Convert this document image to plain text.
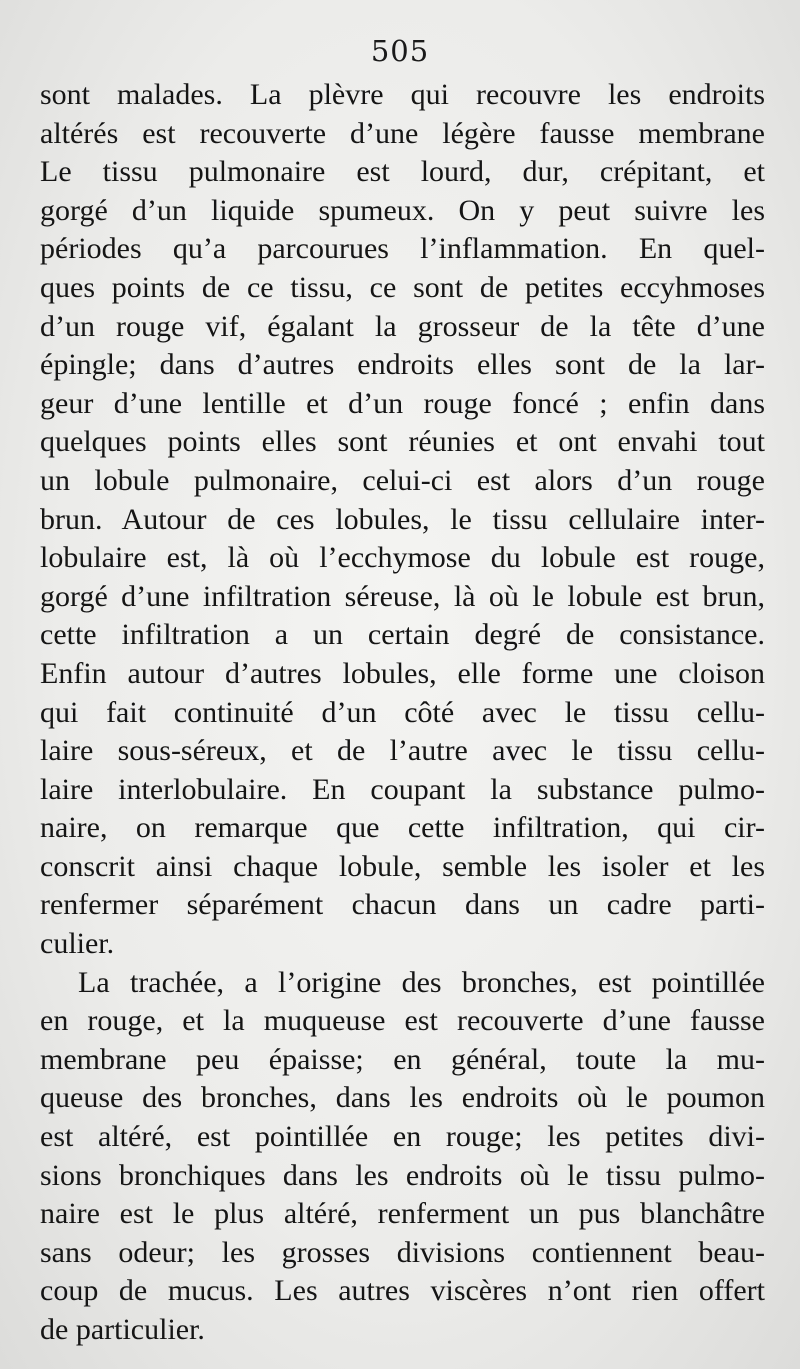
505
sont malades. La plèvre qui recouvre les endroits
altérés est recouverte d’une légère fausse membrane
Le tissu pulmonaire est lourd, dur, crépitant, et
gorgé d’un liquide spumeux. On y peut suivre les
périodes qu’a parcourues l’inflammation. En quel-
ques points de ce tissu, ce sont de petites eccyhmoses
d’un rouge vif, égalant la grosseur de la tête d’une
épingle; dans d’autres endroits elles sont de la lar-
geur d’une lentille et d’un rouge foncé ; enfin dans
quelques points elles sont réunies et ont envahi tout
un lobule pulmonaire, celui-ci est alors d’un rouge
brun. Autour de ces lobules, le tissu cellulaire inter-
lobulaire est, là où l’ecchymose du lobule est rouge,
gorgé d’une infiltration séreuse, là où le lobule est brun,
cette infiltration a un certain degré de consistance.
Enfin autour d’autres lobules, elle forme une cloison
qui fait continuité d’un côté avec le tissu cellu-
laire sous-séreux, et de l’autre avec le tissu cellu-
laire interlobulaire. En coupant la substance pulmo-
naire, on remarque que cette infiltration, qui cir-
conscrit ainsi chaque lobule, semble les isoler et les
renfermer séparément chacun dans un cadre parti-
culier.
La trachée, a l’origine des bronches, est pointillée
en rouge, et la muqueuse est recouverte d’une fausse
membrane peu épaisse; en général, toute la mu-
queuse des bronches, dans les endroits où le poumon
est altéré, est pointillée en rouge; les petites divi-
sions bronchiques dans les endroits où le tissu pulmo-
naire est le plus altéré, renferment un pus blanchâtre
sans odeur; les grosses divisions contiennent beau-
coup de mucus. Les autres viscères n’ont rien offert
de particulier.
